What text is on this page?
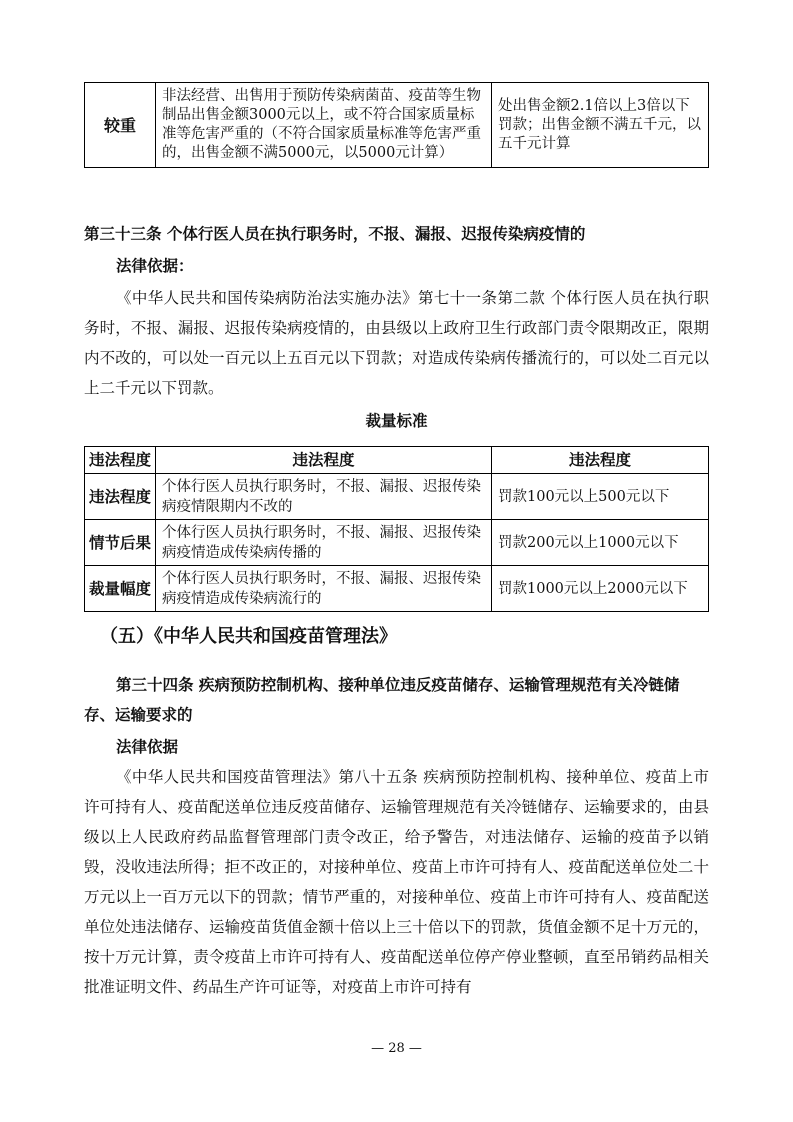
较重	非法经营、出售用于预防传染病菌苗、疫苗等生物制品出售金额3000元以上，或不符合国家质量标准等危害严重的（不符合国家质量标准等危害严重的，出售金额不满5000元，以5000元计算）	处出售金额2.1倍以上3倍以下罚款；出售金额不满五千元，以五千元计算
第三十三条 个体行医人员在执行职务时，不报、漏报、迟报传染病疫情的
法律依据：
《中华人民共和国传染病防治法实施办法》第七十一条第二款 个体行医人员在执行职务时，不报、漏报、迟报传染病疫情的，由县级以上政府卫生行政部门责令限期改正，限期内不改的，可以处一百元以上五百元以下罚款；对造成传染病传播流行的，可以处二百元以上二千元以下罚款。
裁量标准
违法程度	违法程度	违法程度
违法程度	个体行医人员执行职务时，不报、漏报、迟报传染病疫情限期内不改的	罚款100元以上500元以下
情节后果	个体行医人员执行职务时，不报、漏报、迟报传染病疫情造成传染病传播的	罚款200元以上1000元以下
裁量幅度	个体行医人员执行职务时，不报、漏报、迟报传染病疫情造成传染病流行的	罚款1000元以上2000元以下
（五）《中华人民共和国疫苗管理法》
第三十四条 疾病预防控制机构、接种单位违反疫苗储存、运输管理规范有关冷链储存、运输要求的
法律依据
《中华人民共和国疫苗管理法》第八十五条 疾病预防控制机构、接种单位、疫苗上市许可持有人、疫苗配送单位违反疫苗储存、运输管理规范有关冷链储存、运输要求的，由县级以上人民政府药品监督管理部门责令改正，给予警告，对违法储存、运输的疫苗予以销毁，没收违法所得；拒不改正的，对接种单位、疫苗上市许可持有人、疫苗配送单位处二十万元以上一百万元以下的罚款；情节严重的，对接种单位、疫苗上市许可持有人、疫苗配送单位处违法储存、运输疫苗货值金额十倍以上三十倍以下的罚款，货值金额不足十万元的，按十万元计算，责令疫苗上市许可持有人、疫苗配送单位停产停业整顿，直至吊销药品相关批准证明文件、药品生产许可证等，对疫苗上市许可持有
— 28 —
